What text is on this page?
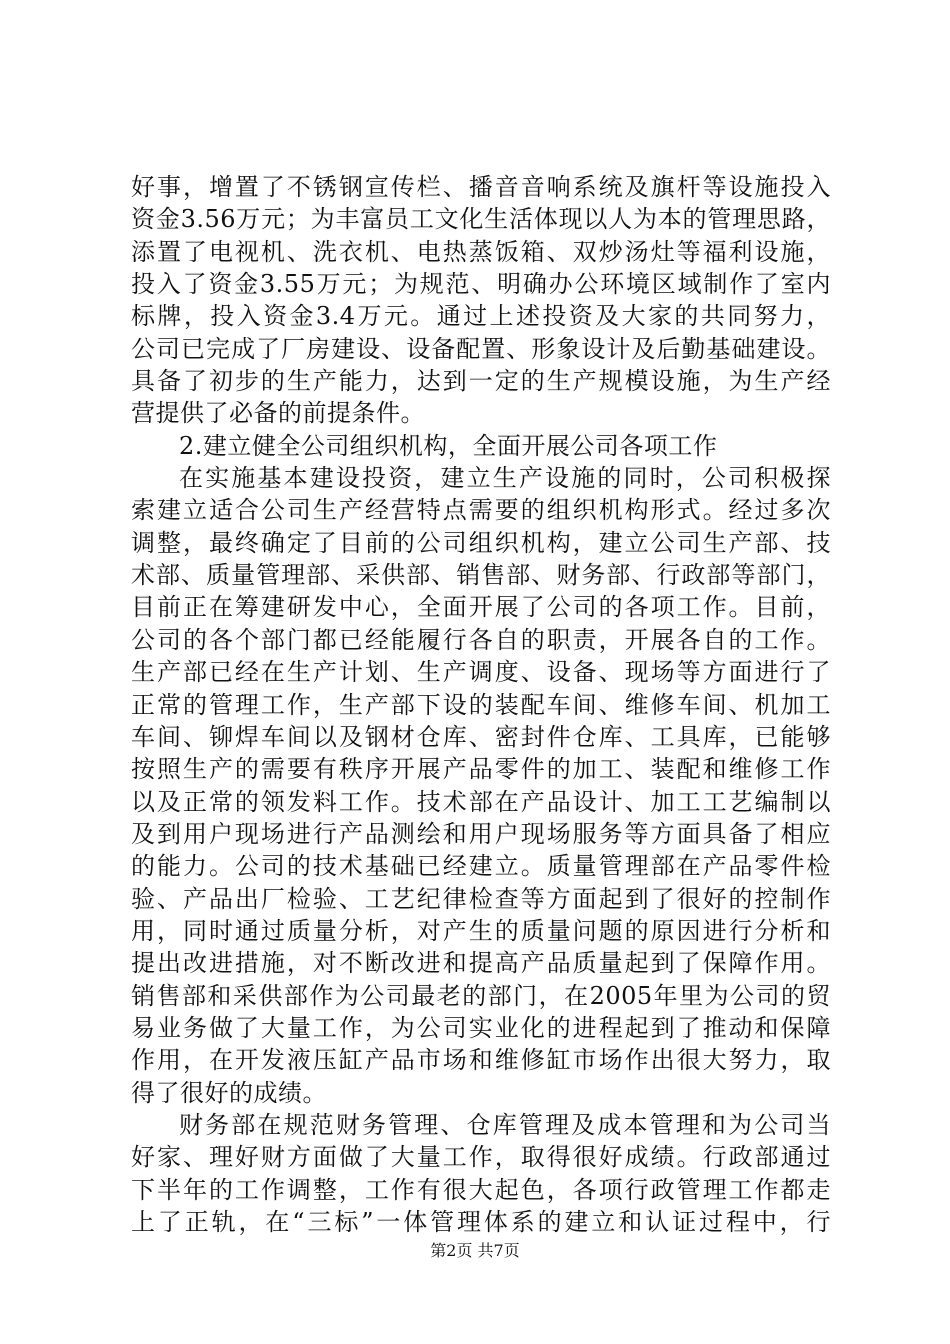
好事，增置了不锈钢宣传栏、播音音响系统及旗杆等设施投入
资金3.56万元；为丰富员工文化生活体现以人为本的管理思路，
添置了电视机、洗衣机、电热蒸饭箱、双炒汤灶等福利设施，
投入了资金3.55万元；为规范、明确办公环境区域制作了室内
标牌，投入资金3.4万元。通过上述投资及大家的共同努力，
公司已完成了厂房建设、设备配置、形象设计及后勤基础建设。
具备了初步的生产能力，达到一定的生产规模设施，为生产经
营提供了必备的前提条件。
2.建立健全公司组织机构，全面开展公司各项工作
在实施基本建设投资，建立生产设施的同时，公司积极探
索建立适合公司生产经营特点需要的组织机构形式。经过多次
调整，最终确定了目前的公司组织机构，建立公司生产部、技
术部、质量管理部、采供部、销售部、财务部、行政部等部门，
目前正在筹建研发中心，全面开展了公司的各项工作。目前，
公司的各个部门都已经能履行各自的职责，开展各自的工作。
生产部已经在生产计划、生产调度、设备、现场等方面进行了
正常的管理工作，生产部下设的装配车间、维修车间、机加工
车间、铆焊车间以及钢材仓库、密封件仓库、工具库，已能够
按照生产的需要有秩序开展产品零件的加工、装配和维修工作
以及正常的领发料工作。技术部在产品设计、加工工艺编制以
及到用户现场进行产品测绘和用户现场服务等方面具备了相应
的能力。公司的技术基础已经建立。质量管理部在产品零件检
验、产品出厂检验、工艺纪律检查等方面起到了很好的控制作
用，同时通过质量分析，对产生的质量问题的原因进行分析和
提出改进措施，对不断改进和提高产品质量起到了保障作用。
销售部和采供部作为公司最老的部门，在2005年里为公司的贸
易业务做了大量工作，为公司实业化的进程起到了推动和保障
作用，在开发液压缸产品市场和维修缸市场作出很大努力，取
得了很好的成绩。
财务部在规范财务管理、仓库管理及成本管理和为公司当
好家、理好财方面做了大量工作，取得很好成绩。行政部通过
下半年的工作调整，工作有很大起色，各项行政管理工作都走
上了正轨，在“三标”一体管理体系的建立和认证过程中，行
第2页 共7页
